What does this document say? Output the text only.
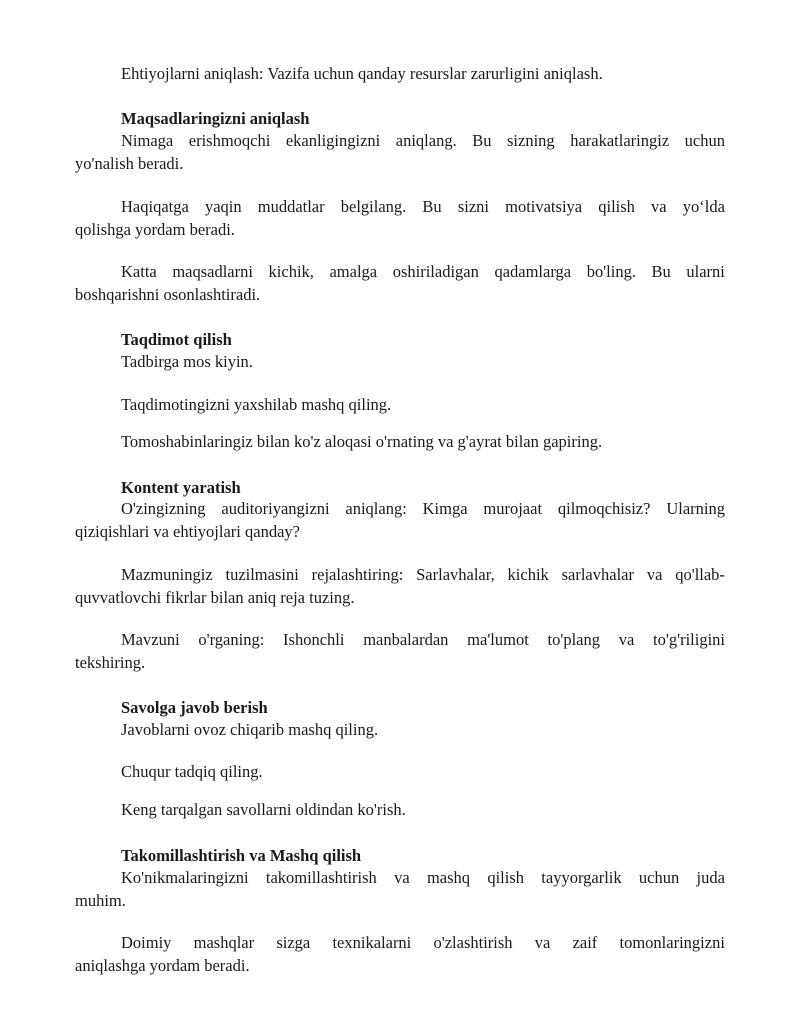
Ehtiyojlarni aniqlash: Vazifa uchun qanday resurslar zarurligini aniqlash.
Maqsadlaringizni aniqlash
Nimaga erishmoqchi ekanligingizni aniqlang. Bu sizning harakatlaringiz uchun
yo'nalish beradi.
Haqiqatga yaqin muddatlar belgilang. Bu sizni motivatsiya qilish va yo‘lda
qolishga yordam beradi.
Katta maqsadlarni kichik, amalga oshiriladigan qadamlarga bo'ling. Bu ularni
boshqarishni osonlashtiradi.
Taqdimot qilish
Tadbirga mos kiyin.
Taqdimotingizni yaxshilab mashq qiling.
Tomoshabinlaringiz bilan ko'z aloqasi o'rnating va g'ayrat bilan gapiring.
Kontent yaratish
O'zingizning auditoriyangizni aniqlang: Kimga murojaat qilmoqchisiz? Ularning
qiziqishlari va ehtiyojlari qanday?
Mazmuningiz tuzilmasini rejalashtiring: Sarlavhalar, kichik sarlavhalar va qo'llab-
quvvatlovchi fikrlar bilan aniq reja tuzing.
Mavzuni o'rganing: Ishonchli manbalardan ma'lumot to'plang va to'g'riligini
tekshiring.
Savolga javob berish
Javoblarni ovoz chiqarib mashq qiling.
Chuqur tadqiq qiling.
Keng tarqalgan savollarni oldindan ko'rish.
Takomillashtirish va Mashq qilish
Ko'nikmalaringizni takomillashtirish va mashq qilish tayyorgarlik uchun juda
muhim.
Doimiy mashqlar sizga texnikalarni o'zlashtirish va zaif tomonlaringizni
aniqlashga yordam beradi.
